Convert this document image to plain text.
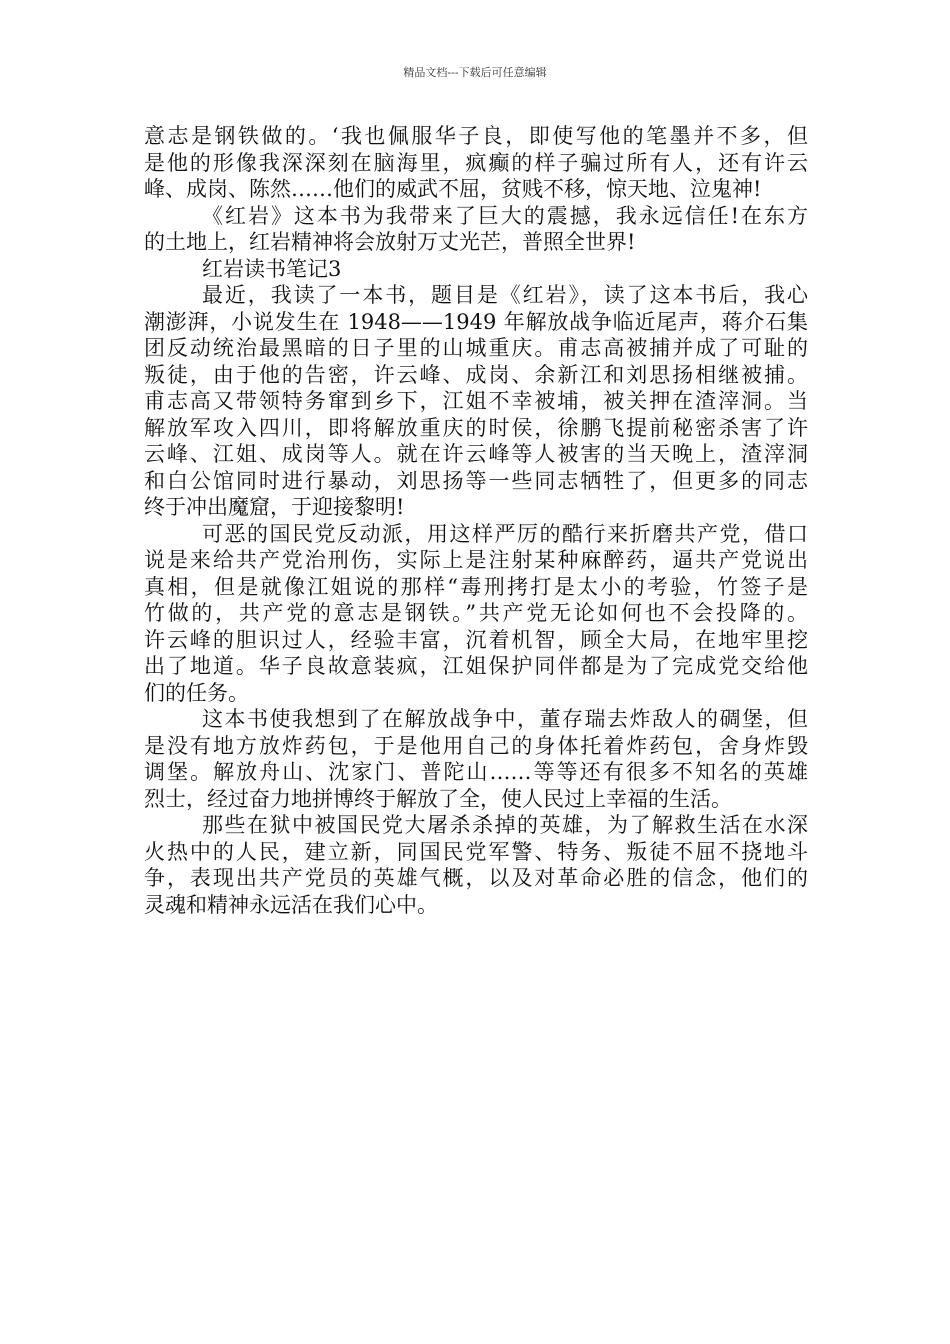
精品文档---下载后可任意编辑
意志是钢铁做的。‘我也佩服华子良，即使写他的笔墨并不多，但
是他的形像我深深刻在脑海里，疯癫的样子骗过所有人，还有许云
峰、成岗、陈然……他们的威武不屈，贫贱不移，惊天地、泣鬼神!
《红岩》这本书为我带来了巨大的震撼，我永远信任!在东方
的土地上，红岩精神将会放射万丈光芒，普照全世界!
红岩读书笔记3
最近，我读了一本书，题目是《红岩》，读了这本书后，我心
潮澎湃，小说发生在 1948——1949 年解放战争临近尾声，蒋介石集
团反动统治最黑暗的日子里的山城重庆。甫志高被捕并成了可耻的
叛徒，由于他的告密，许云峰、成岗、余新江和刘思扬相继被捕。
甫志高又带领特务窜到乡下，江姐不幸被埔，被关押在渣滓洞。当
解放军攻入四川，即将解放重庆的时侯，徐鹏飞提前秘密杀害了许
云峰、江姐、成岗等人。就在许云峰等人被害的当天晚上，渣滓洞
和白公馆同时进行暴动，刘思扬等一些同志牺牲了，但更多的同志
终于冲出魔窟，于迎接黎明!
可恶的国民党反动派，用这样严厉的酷行来折磨共产党，借口
说是来给共产党治刑伤，实际上是注射某种麻醉药，逼共产党说出
真相，但是就像江姐说的那样“毒刑拷打是太小的考验，竹签子是
竹做的，共产党的意志是钢铁。”共产党无论如何也不会投降的。
许云峰的胆识过人，经验丰富，沉着机智，顾全大局，在地牢里挖
出了地道。华子良故意装疯，江姐保护同伴都是为了完成党交给他
们的任务。
这本书使我想到了在解放战争中，董存瑞去炸敌人的碉堡，但
是没有地方放炸药包，于是他用自己的身体托着炸药包，舍身炸毁
调堡。解放舟山、沈家门、普陀山……等等还有很多不知名的英雄
烈士，经过奋力地拼博终于解放了全，使人民过上幸福的生活。
那些在狱中被国民党大屠杀杀掉的英雄，为了解救生活在水深
火热中的人民，建立新，同国民党军警、特务、叛徒不屈不挠地斗
争，表现出共产党员的英雄气概，以及对革命必胜的信念，他们的
灵魂和精神永远活在我们心中。
